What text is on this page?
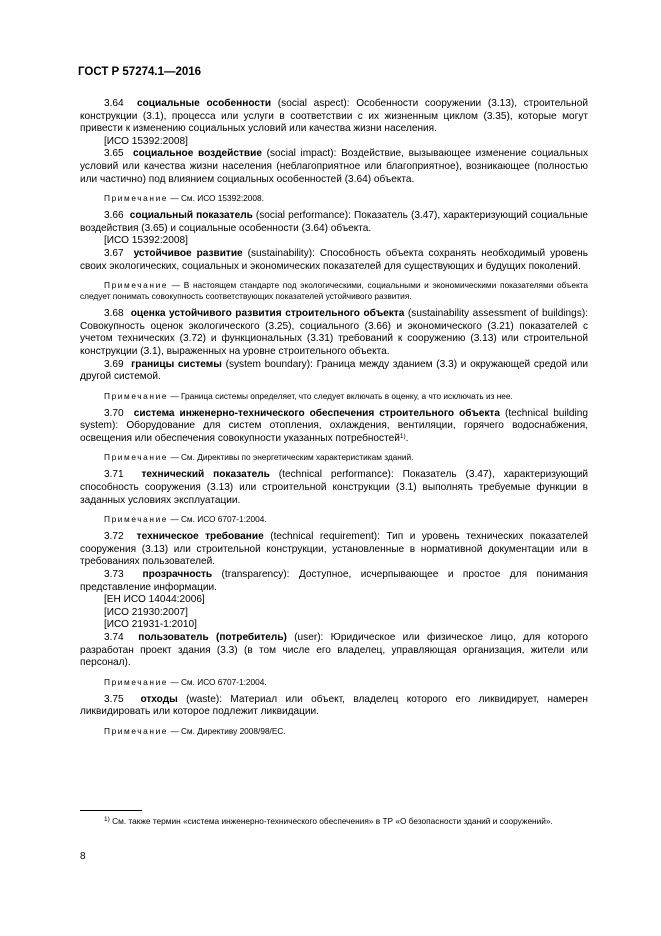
ГОСТ Р 57274.1—2016

3.64 социальные особенности (social aspect): Особенности сооружении (3.13), строительной конструкции (3.1), процесса или услуги в соответствии с их жизненным циклом (3.35), которые могут привести к изменению социальных условий или качества жизни населения.

[ИСО 15392:2008]

3.65 социальное воздействие (social impact): Воздействие, вызывающее изменение социальных условий или качества жизни населения (неблагоприятное или благоприятное), возникающее (полностью или частично) под влиянием социальных особенностей (3.64) объекта.

Примечание — См. ИСО 15392:2008.

3.66 социальный показатель (social performance): Показатель (3.47), характеризующий социальные воздействия (3.65) и социальные особенности (3.64) объекта.

[ИСО 15392:2008]

3.67 устойчивое развитие (sustainability): Способность объекта сохранять необходимый уровень своих экологических, социальных и экономических показателей для существующих и будущих поколений.

Примечание — В настоящем стандарте под экологическими, социальными и экономическими показателями объекта следует понимать совокупность соответствующих показателей устойчивого развития.

3.68 оценка устойчивого развития строительного объекта (sustainability assessment of buildings): Совокупность оценок экологического (3.25), социального (3.66) и экономического (3.21) показателей с учетом технических (3.72) и функциональных (3.31) требований к сооружению (3.13) или строительной конструкции (3.1), выраженных на уровне строительного объекта.

3.69 границы системы (system boundary): Граница между зданием (3.3) и окружающей средой или другой системой.

Примечание — Граница системы определяет, что следует включать в оценку, а что исключать из нее.

3.70 система инженерно-технического обеспечения строительного объекта (technical building system): Оборудование для систем отопления, охлаждения, вентиляции, горячего водоснабжения, освещения или обеспечения совокупности указанных потребностей$^{1)}$.

Примечание — См. Директивы по энергетическим характеристикам зданий.

3.71 технический показатель (technical performance): Показатель (3.47), характеризующий способность сооружения (3.13) или строительной конструкции (3.1) выполнять требуемые функции в заданных условиях эксплуатации.

Примечание — См. ИСО 6707-1:2004.

3.72 техническое требование (technical requirement): Тип и уровень технических показателей сооружения (3.13) или строительной конструкции, установленные в нормативной документации или в требованиях пользователей.

3.73 прозрачность (transparency): Доступное, исчерпывающее и простое для понимания представление информации.

[ЕН ИСО 14044:2006]

[ИСО 21930:2007]

[ИСО 21931-1:2010]

3.74 пользователь (потребитель) (user): Юридическое или физическое лицо, для которого разработан проект здания (3.3) (в том числе его владелец, управляющая организация, жители или персонал).

Примечание — См. ИСО 6707-1:2004.

3.75 отходы (waste): Материал или объект, владелец которого его ликвидирует, намерен ликвидировать или которое подлежит ликвидации.

Примечание — См. Директиву 2008/98/ЕС.

$^{1)}$ См. также термин «система инженерно-технического обеспечения» в ТР «О безопасности зданий и сооружений».

8
